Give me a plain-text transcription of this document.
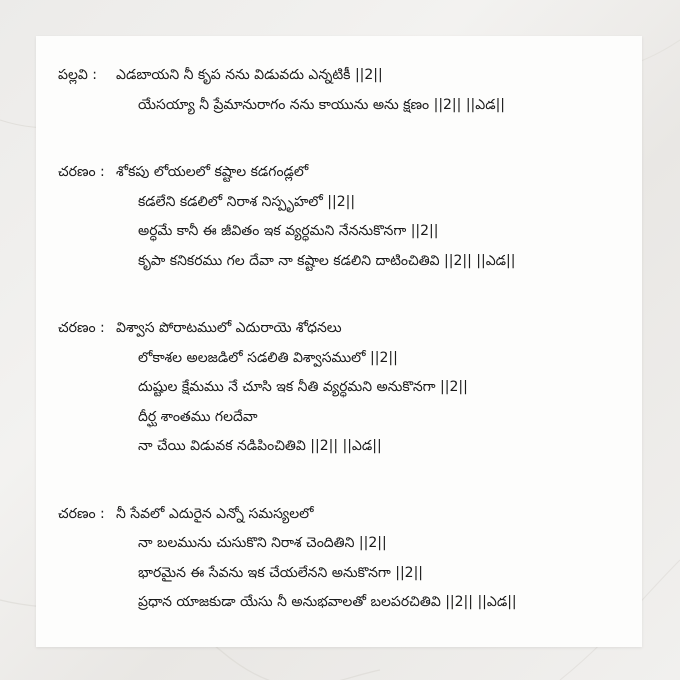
పల్లవి :	ఎడబాయని నీ కృప నను విడువదు ఎన్నటికీ ||2||
యేసయ్యా నీ ప్రేమానురాగం నను కాయును అను క్షణం ||2|| ||ఎడ||
చరణం : శోకపు లోయలలో కష్టాల కడగండ్లలో
కడలేని కడలిలో నిరాశ నిస్పృహలో ||2||
అర్ధమే కానీ ఈ జీవితం ఇక వ్యర్ధమని నేననుకొనగా ||2||
కృపా కనికరము గల దేవా నా కష్టాల కడలిని దాటించితివి ||2|| ||ఎడ||
చరణం : విశ్వాస పోరాటములో ఎదురాయె శోధనలు
లోకాశల అలజడిలో సడలితి విశ్వాసములో ||2||
దుష్టుల క్షేమము నే చూసి ఇక నీతి వ్యర్ధమని అనుకొనగా ||2||
దీర్ఘ శాంతము గలదేవా
నా చేయి విడువక నడిపించితివి ||2|| ||ఎడ||
చరణం : నీ సేవలో ఎదురైన ఎన్నో సమస్యలలో
నా బలమును చుసుకొని నిరాశ చెందితిని ||2||
భారమైన ఈ సేవను ఇక చేయలేనని అనుకొనగా ||2||
ప్రధాన యాజకుడా యేసు నీ అనుభవాలతో బలపరచితివి ||2|| ||ఎడ||
